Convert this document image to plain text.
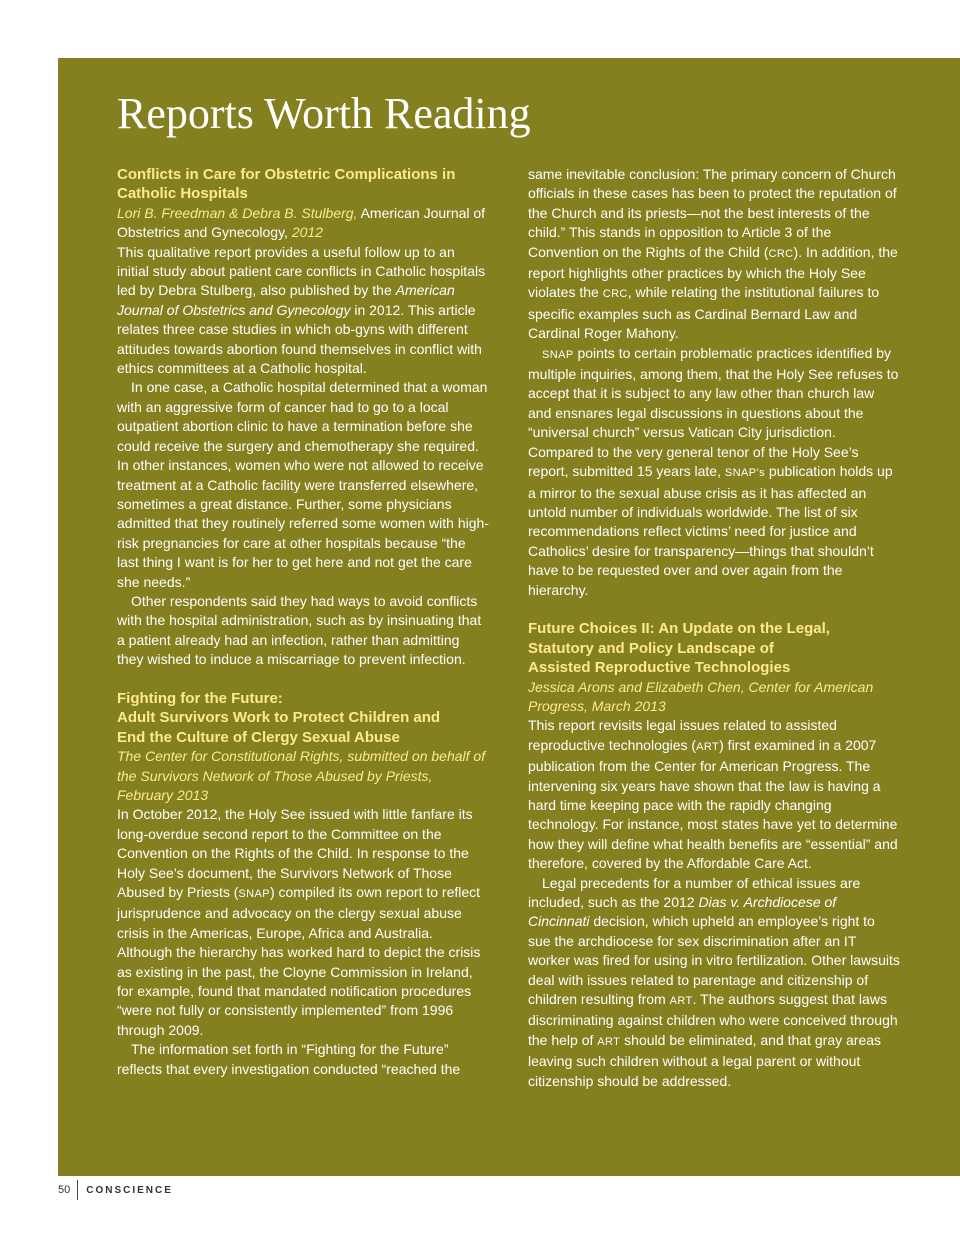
Reports Worth Reading
Conflicts in Care for Obstetric Complications in Catholic Hospitals

Lori B. Freedman & Debra B. Stulberg, American Journal of Obstetrics and Gynecology, 2012

This qualitative report provides a useful follow up to an initial study about patient care conflicts in Catholic hospitals led by Debra Stulberg, also published by the American Journal of Obstetrics and Gynecology in 2012. This article relates three case studies in which ob-gyns with different attitudes towards abortion found themselves in conflict with ethics committees at a Catholic hospital.

In one case, a Catholic hospital determined that a woman with an aggressive form of cancer had to go to a local outpatient abortion clinic to have a termination before she could receive the surgery and chemotherapy she required. In other instances, women who were not allowed to receive treatment at a Catholic facility were transferred elsewhere, sometimes a great distance. Further, some physicians admitted that they routinely referred some women with high-risk pregnancies for care at other hospitals because “the last thing I want is for her to get here and not get the care she needs.”

Other respondents said they had ways to avoid conflicts with the hospital administration, such as by insinuating that a patient already had an infection, rather than admitting they wished to induce a miscarriage to prevent infection.

Fighting for the Future:
Adult Survivors Work to Protect Children and
End the Culture of Clergy Sexual Abuse

The Center for Constitutional Rights, submitted on behalf of the Survivors Network of Those Abused by Priests, February 2013

In October 2012, the Holy See issued with little fanfare its long-overdue second report to the Committee on the Convention on the Rights of the Child. In response to the Holy See’s document, the Survivors Network of Those Abused by Priests (SNAP) compiled its own report to reflect jurisprudence and advocacy on the clergy sexual abuse crisis in the Americas, Europe, Africa and Australia. Although the hierarchy has worked hard to depict the crisis as existing in the past, the Cloyne Commission in Ireland, for example, found that mandated notification procedures “were not fully or consistently implemented” from 1996 through 2009.

The information set forth in “Fighting for the Future” reflects that every investigation conducted “reached the

same inevitable conclusion: The primary concern of Church officials in these cases has been to protect the reputation of the Church and its priests—not the best interests of the child.” This stands in opposition to Article 3 of the Convention on the Rights of the Child (CRC). In addition, the report highlights other practices by which the Holy See violates the CRC, while relating the institutional failures to specific examples such as Cardinal Bernard Law and Cardinal Roger Mahony.

SNAP points to certain problematic practices identified by multiple inquiries, among them, that the Holy See refuses to accept that it is subject to any law other than church law and ensnares legal discussions in questions about the “universal church” versus Vatican City jurisdiction. Compared to the very general tenor of the Holy See’s report, submitted 15 years late, SNAP’s publication holds up a mirror to the sexual abuse crisis as it has affected an untold number of individuals worldwide. The list of six recommendations reflect victims’ need for justice and Catholics’ desire for transparency—things that shouldn’t have to be requested over and over again from the hierarchy.

Future Choices II: An Update on the Legal,
Statutory and Policy Landscape of
Assisted Reproductive Technologies

Jessica Arons and Elizabeth Chen, Center for American Progress, March 2013

This report revisits legal issues related to assisted reproductive technologies (ART) first examined in a 2007 publication from the Center for American Progress. The intervening six years have shown that the law is having a hard time keeping pace with the rapidly changing technology. For instance, most states have yet to determine how they will define what health benefits are “essential” and therefore, covered by the Affordable Care Act.

Legal precedents for a number of ethical issues are included, such as the 2012 Dias v. Archdiocese of Cincinnati decision, which upheld an employee’s right to sue the archdiocese for sex discrimination after an IT worker was fired for using in vitro fertilization. Other lawsuits deal with issues related to parentage and citizenship of children resulting from ART. The authors suggest that laws discriminating against children who were conceived through the help of ART should be eliminated, and that gray areas leaving such children without a legal parent or without citizenship should be addressed.

50	CONSCIENCE
